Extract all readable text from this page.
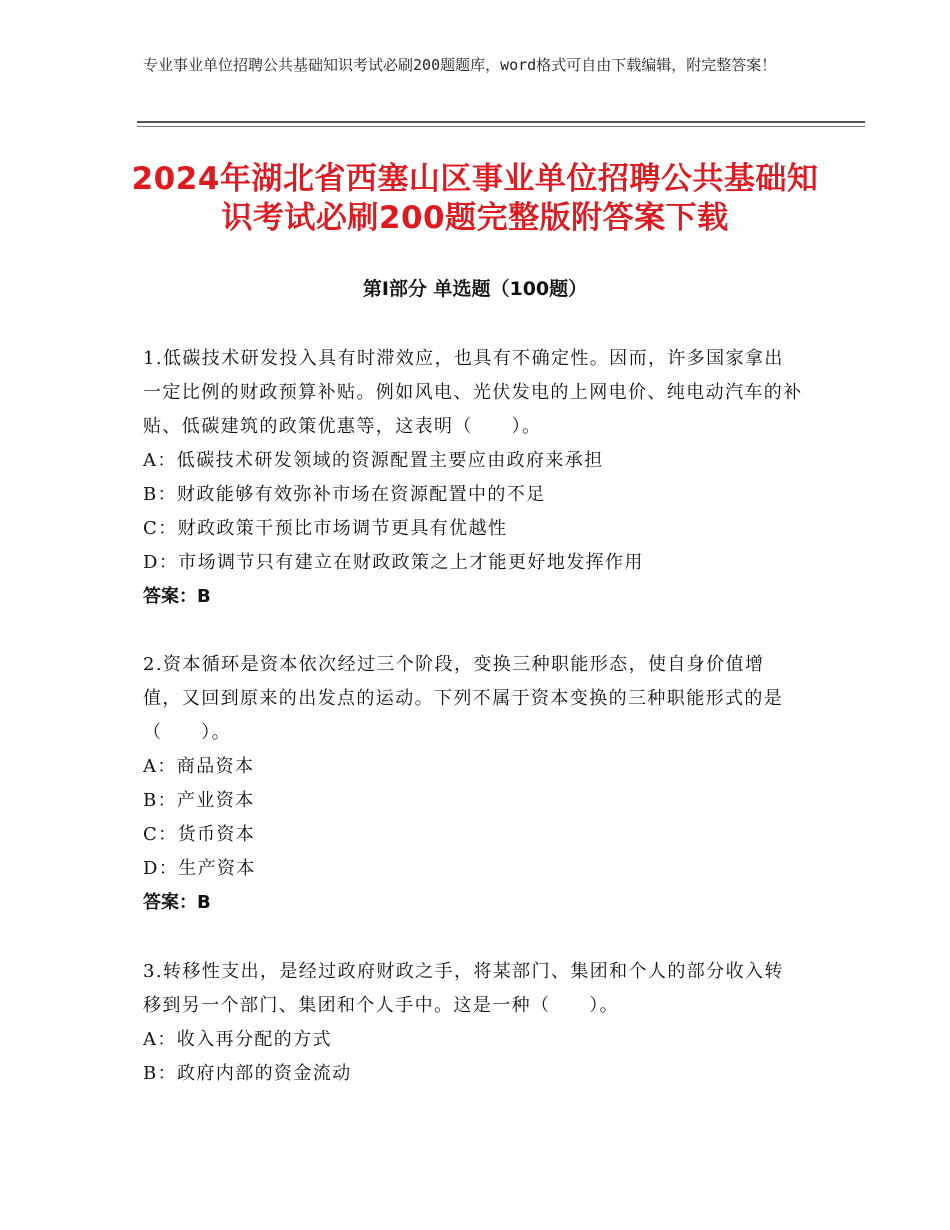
专业事业单位招聘公共基础知识考试必刷200题题库，word格式可自由下载编辑，附完整答案！
2024年湖北省西塞山区事业单位招聘公共基础知识考试必刷200题完整版附答案下载
第Ⅰ部分 单选题（100题）
1.低碳技术研发投入具有时滞效应，也具有不确定性。因而，许多国家拿出一定比例的财政预算补贴。例如风电、光伏发电的上网电价、纯电动汽车的补贴、低碳建筑的政策优惠等，这表明（　　）。
A：低碳技术研发领域的资源配置主要应由政府来承担
B：财政能够有效弥补市场在资源配置中的不足
C：财政政策干预比市场调节更具有优越性
D：市场调节只有建立在财政政策之上才能更好地发挥作用
答案：B
2.资本循环是资本依次经过三个阶段，变换三种职能形态，使自身价值增值，又回到原来的出发点的运动。下列不属于资本变换的三种职能形式的是（　　）。
A：商品资本
B：产业资本
C：货币资本
D：生产资本
答案：B
3.转移性支出，是经过政府财政之手，将某部门、集团和个人的部分收入转移到另一个部门、集团和个人手中。这是一种（　　）。
A：收入再分配的方式
B：政府内部的资金流动
